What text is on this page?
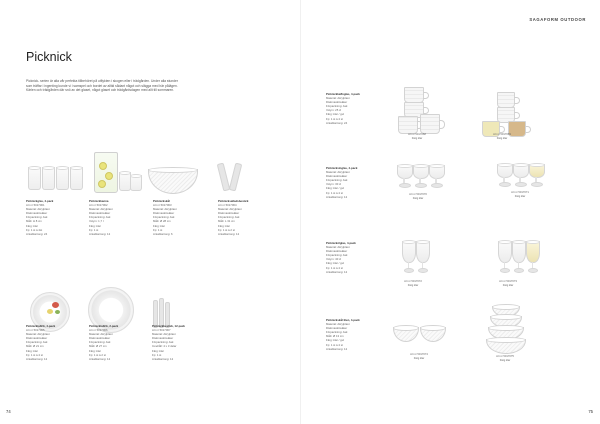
SAGAFORM OUTDOOR
Picknick
Picknick- serien är alla vår perfekta tillbehöret på utflykten i skogen eller i trädgården. Under alla stunder som träffar i ingenting kunde vi i samspel och bordet av alltid sådant något och slägga med här pålägen. Kärlen och trädgården där snö av det glaset, något glaset och trädgårdsdagen med allt till sommaren.
74	75
Picknickglas, 4-pack
Art nr 5017061
Material: Akrylplast
Diskmaskinsäker
Förpackning: Ask
Mått: H 8 cm
Färg: klar
Fp: 1 st à 4st
Antal/kartong: 24
Picknickkanna
Art nr 5017062
Material: Akrylplast
Diskmaskinsäker
Förpackning: Ask
Volym: 1,7 l
Färg: klar
Fp: 1 st
Antal/kartong: 12
Picknickskål
Art nr 5017063
Material: Akrylplast
Diskmaskinsäker
Förpackning: Ask
Mått: Ø 28 cm
Färg: klar
Fp: 1 st
Antal/kartong: 6
Picknicksalladsbestick
Art nr 5017064
Material: Akrylplast
Diskmaskinsäker
Förpackning: Ask
Mått: L 31 cm
Färg: klar
Fp: 1 st à 2 st
Antal/kartong: 12
Picknicktallrik, 4-pack
Art nr 5017065
Material: Akrylplast
Diskmaskinsäker
Förpackning: Ask
Mått: Ø 21 cm
Färg: klar
Fp: 1 st à 4 st
Antal/kartong: 12
Picknicktallrik, 2-pack
Art nr 5017066
Material: Akrylplast
Diskmaskinsäker
Förpackning: Ask
Mått: Ø 27 cm
Färg: klar
Fp: 1 st à 2 st
Antal/kartong: 12
Picknickbestick, 12-pack
Art nr 5017067
Material: Akrylplast
Diskmaskinsäker
Förpackning: Ask
Innehåll: 4 x 3 delar
Färg: klar
Fp: 1 st
Antal/kartong: 12
Picknickkaffeglas, 4-pack
Material: Akrylplast
Diskmaskinsäker
Förpackning: Ask
Volym: 25 cl
Färg: klar / gul
Fp: 1 st à 4 st
Antal/kartong: 24
Art nr 5017068
Färg klar
Art nr 5017069
Färg klar
Picknickvinglas, 4-pack
Material: Akrylplast
Diskmaskinsäker
Förpackning: Ask
Volym: 30 cl
Färg: klar / gul
Fp: 1 st à 4 st
Antal/kartong: 12
Art nr 5017070
Färg klar
Art nr 5017071
Färg klar
Picknickölglas, 4-pack
Material: Akrylplast
Diskmaskinsäker
Förpackning: Ask
Volym: 40 cl
Färg: klar / gul
Fp: 1 st à 4 st
Antal/kartong: 12
Art nr 5017072
Färg klar
Art nr 5017073
Färg klar
Picknickskål liten, 4-pack
Material: Akrylplast
Diskmaskinsäker
Förpackning: Ask
Mått: Ø 13 cm
Färg: klar / gul
Fp: 1 st à 4 st
Antal/kartong: 12
Art nr 5017074
Färg klar
Art nr 5017075
Färg klar
